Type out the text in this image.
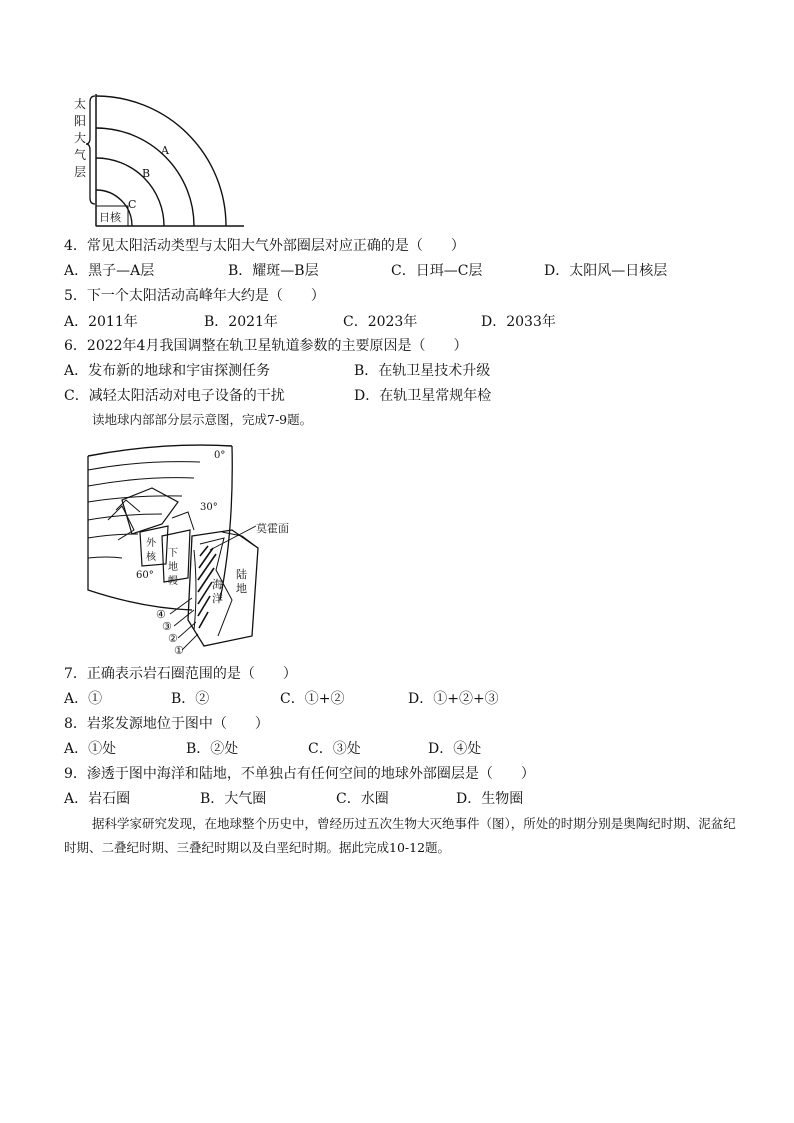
太
阳
大
气
层
A
B
C
日核
4．常见太阳活动类型与太阳大气外部圈层对应正确的是（　　）
A．黑子—A层	B．耀斑—B层	C．日珥—C层	D．太阳风—日核层
5．下一个太阳活动高峰年大约是（　　）
A．2011年	B．2021年	C．2023年	D．2033年
6．2022年4月我国调整在轨卫星轨道参数的主要原因是（　　）
A．发布新的地球和宇宙探测任务	B．在轨卫星技术升级
C．减轻太阳活动对电子设备的干扰	D．在轨卫星常规年检
读地球内部部分层示意图，完成7-9题。
0°
30°
60°
莫霍面
外
核 下
地
幔	海
洋
陆
地
④
③
②
①
7．正确表示岩石圈范围的是（　　）
A．①	B．②	C．①+②	D．①+②+③
8．岩浆发源地位于图中（　　）
A．①处	B．②处	C．③处	D．④处
9．渗透于图中海洋和陆地，不单独占有任何空间的地球外部圈层是（　　）
A．岩石圈	B．大气圈	C．水圈	D．生物圈
据科学家研究发现，在地球整个历史中，曾经历过五次生物大灭绝事件（图），所处的时期分别是奥陶纪时期、泥盆纪时期、二叠纪时期、三叠纪时期以及白垩纪时期。据此完成10-12题。
